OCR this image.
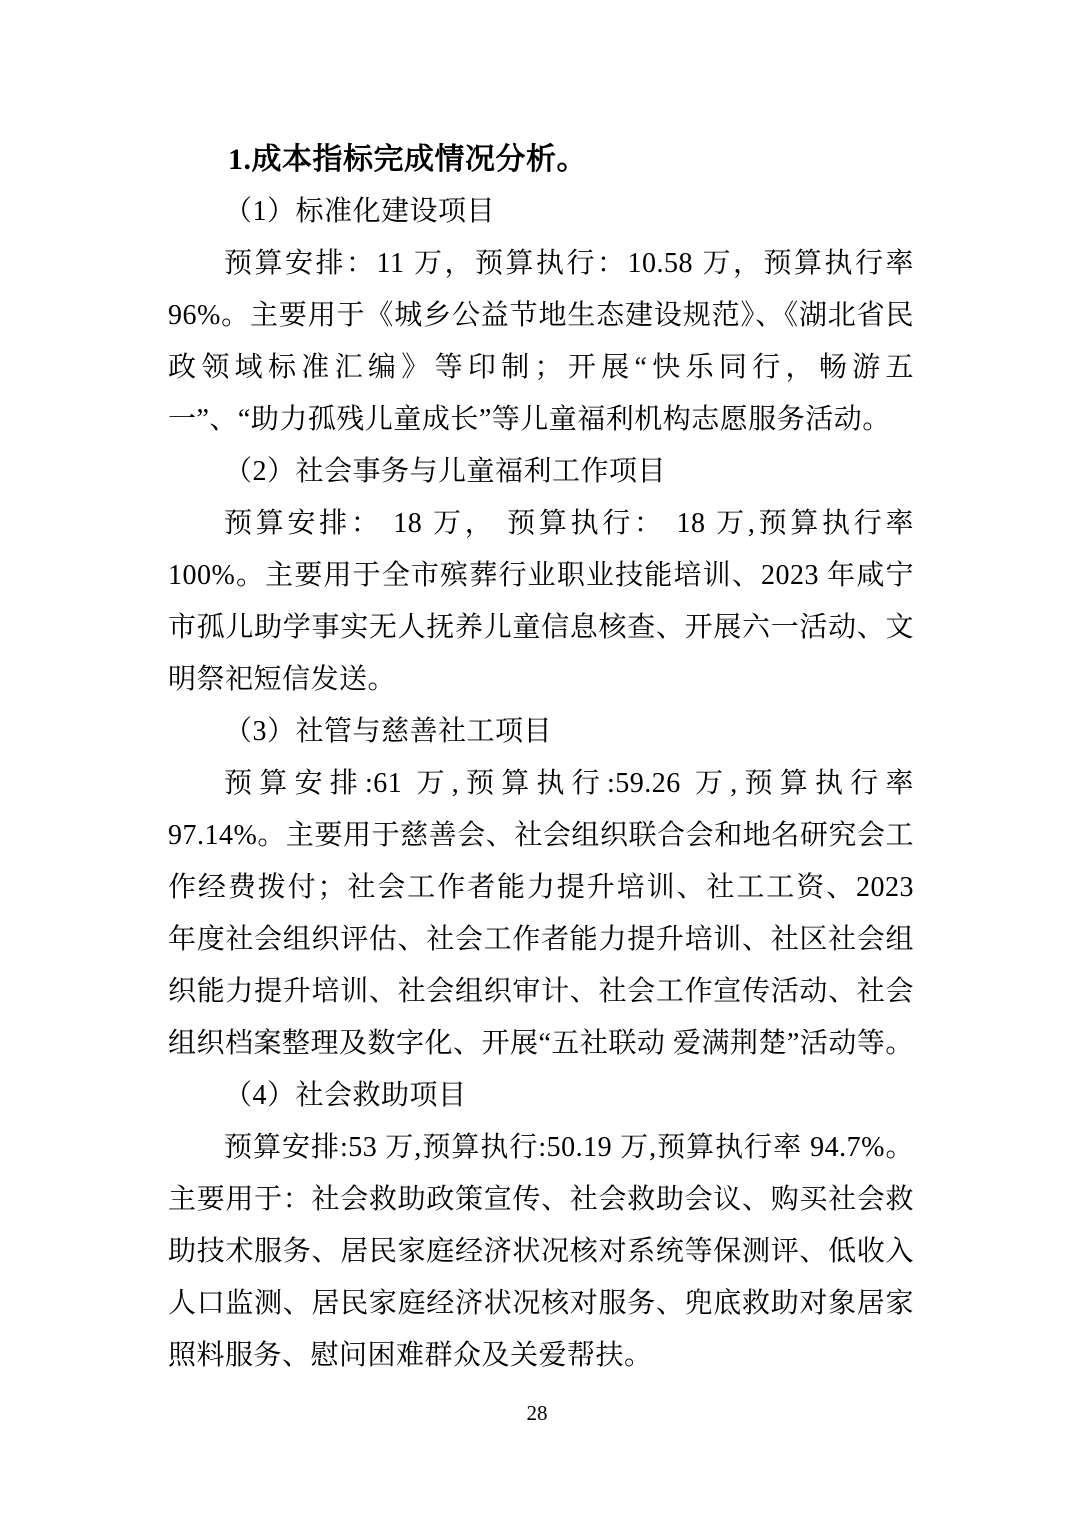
1.成本指标完成情况分析。

（1）标准化建设项目

预算安排：11 万，预算执行：10.58 万，预算执行率 96%。主要用于《城乡公益节地生态建设规范》、《湖北省民政领域标准汇编》等印制；开展“快乐同行，畅游五一”、“助力孤残儿童成长”等儿童福利机构志愿服务活动。

（2）社会事务与儿童福利工作项目

预算安排： 18 万， 预算执行： 18 万,预算执行率 100%。主要用于全市殡葬行业职业技能培训、2023 年咸宁市孤儿助学事实无人抚养儿童信息核查、开展六一活动、文明祭祀短信发送。

（3）社管与慈善社工项目

预算安排:61 万,预算执行:59.26 万,预算执行率 97.14%。主要用于慈善会、社会组织联合会和地名研究会工作经费拨付；社会工作者能力提升培训、社工工资、2023 年度社会组织评估、社会工作者能力提升培训、社区社会组织能力提升培训、社会组织审计、社会工作宣传活动、社会组织档案整理及数字化、开展“五社联动 爱满荆楚”活动等。

（4）社会救助项目

预算安排:53 万,预算执行:50.19 万,预算执行率 94.7%。主要用于：社会救助政策宣传、社会救助会议、购买社会救助技术服务、居民家庭经济状况核对系统等保测评、低收入人口监测、居民家庭经济状况核对服务、兜底救助对象居家照料服务、慰问困难群众及关爱帮扶。

28
